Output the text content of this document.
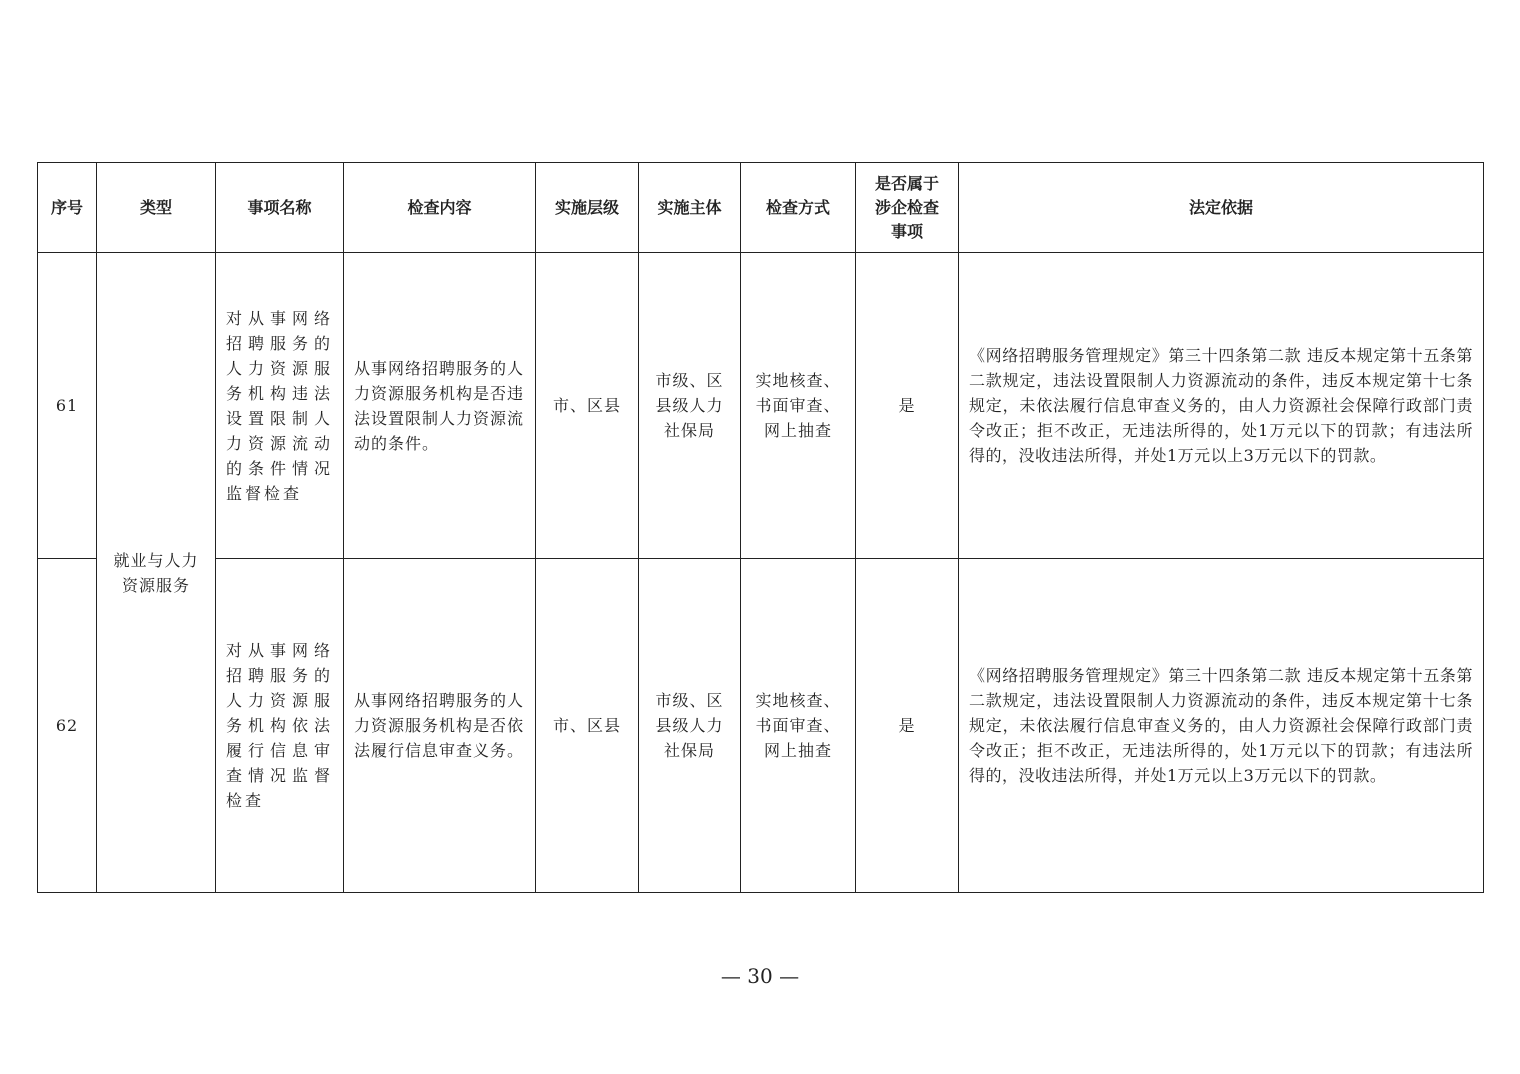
序号	类型	事项名称	检查内容	实施层级	实施主体	检查方式	是否属于涉企检查事项	法定依据
61	就业与人力资源服务	对从事网络招聘服务的人力资源服务机构违法设置限制人力资源流动的条件情况监督检查	从事网络招聘服务的人力资源服务机构是否违法设置限制人力资源流动的条件。	市、区县	市级、区县级人力社保局	实地核查、书面审查、网上抽查	是	《网络招聘服务管理规定》第三十四条第二款 违反本规定第十五条第二款规定，违法设置限制人力资源流动的条件，违反本规定第十七条规定，未依法履行信息审查义务的，由人力资源社会保障行政部门责令改正；拒不改正，无违法所得的，处1万元以下的罚款；有违法所得的，没收违法所得，并处1万元以上3万元以下的罚款。

62		对从事网络招聘服务的人力资源服务机构依法履行信息审查情况监督检查	从事网络招聘服务的人力资源服务机构是否依法履行信息审查义务。	市、区县	市级、区县级人力社保局	实地核查、书面审查、网上抽查	是	《网络招聘服务管理规定》第三十四条第二款 违反本规定第十五条第二款规定，违法设置限制人力资源流动的条件，违反本规定第十七条规定，未依法履行信息审查义务的，由人力资源社会保障行政部门责令改正；拒不改正，无违法所得的，处1万元以下的罚款；有违法所得的，没收违法所得，并处1万元以上3万元以下的罚款。
— 30 —
